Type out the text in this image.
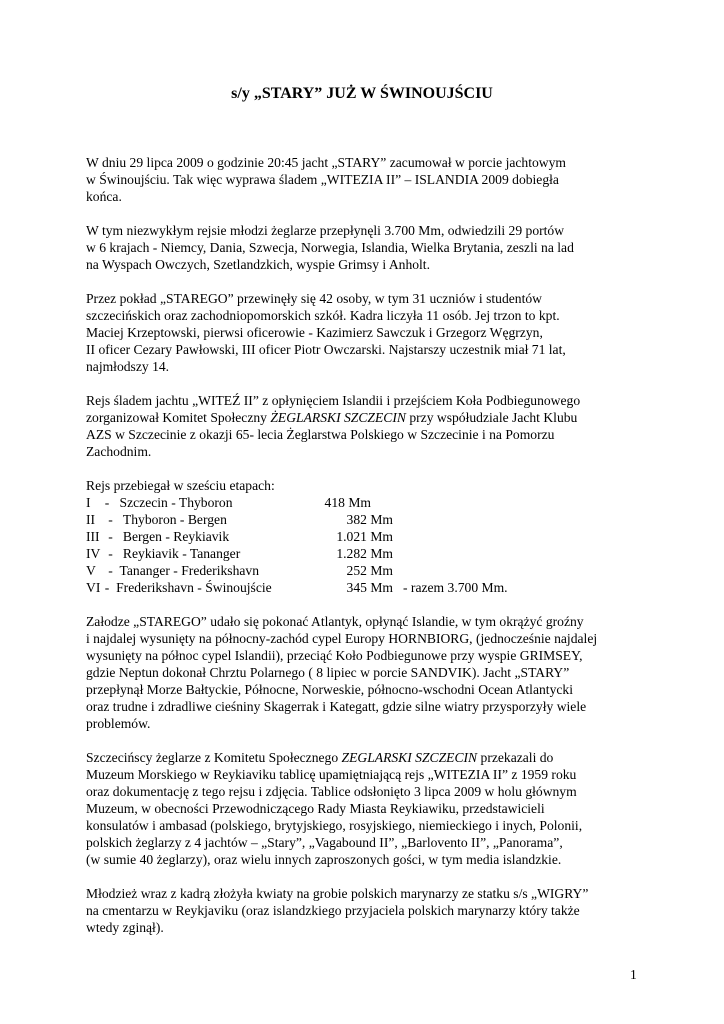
s/y „STARY” JUŻ W ŚWINOUJŚCIU
W dniu 29 lipca 2009 o godzinie 20:45 jacht „STARY” zacumował w porcie jachtowym
w Świnoujściu. Tak więc wyprawa śladem „WITEZIA II” – ISLANDIA 2009 dobiegła
końca.
W tym niezwykłym rejsie młodzi żeglarze przepłynęli 3.700 Mm, odwiedzili 29 portów
w 6 krajach - Niemcy, Dania, Szwecja, Norwegia, Islandia, Wielka Brytania, zeszli na lad
na Wyspach Owczych, Szetlandzkich, wyspie Grimsy i Anholt.
Przez pokład „STAREGO” przewinęły się 42 osoby, w tym 31 uczniów i studentów
szczecińskich oraz zachodniopomorskich szkół. Kadra liczyła 11 osób. Jej trzon to kpt.
Maciej Krzeptowski, pierwsi oficerowie - Kazimierz Sawczuk i Grzegorz Węgrzyn,
II oficer Cezary Pawłowski, III oficer Piotr Owczarski. Najstarszy uczestnik miał 71 lat,
najmłodszy 14.
Rejs śladem jachtu „WITEŹ II” z opłynięciem Islandii i przejściem Koła Podbiegunowego
zorganizował Komitet Społeczny ŻEGLARSKI SZCZECIN przy współudziale Jacht Klubu
AZS w Szczecinie z okazji 65- lecia Żeglarstwa Polskiego w Szczecinie i na Pomorzu
Zachodnim.
Rejs przebiegał w sześciu etapach:
I  -   Szczecin - Thyboron
II   -   Thyboron - Bergen
III   -   Bergen - Reykiavik
IV   -   Reykiavik - Tananger
V   -  Tananger - Frederikshavn
VI  -  Frederikshavn - Świnoujście
418 Mm
382 Mm
1.021 Mm
1.282 Mm
252 Mm
345 Mm - razem 3.700 Mm.
Załodze „STAREGO” udało się pokonać Atlantyk, opłynąć Islandie, w tym okrążyć groźny
i najdalej wysunięty na północny-zachód cypel Europy HORNBIORG, (jednocześnie najdalej
wysunięty na północ cypel Islandii), przeciąć Koło Podbiegunowe przy wyspie GRIMSEY,
gdzie Neptun dokonał Chrztu Polarnego ( 8 lipiec w porcie SANDVIK). Jacht „STARY”
przepłynął Morze Bałtyckie, Północne, Norweskie, północno-wschodni Ocean Atlantycki
oraz trudne i zdradliwe cieśniny Skagerrak i Kategatt, gdzie silne wiatry przysporzyły wiele
problemów.
Szczecińscy żeglarze z Komitetu Społecznego ZEGLARSKI SZCZECIN przekazali do
Muzeum Morskiego w Reykiaviku tablicę upamiętniającą rejs „WITEZIA II” z 1959 roku
oraz dokumentację z tego rejsu i zdjęcia. Tablice odsłonięto 3 lipca 2009 w holu głównym
Muzeum, w obecności Przewodniczącego Rady Miasta Reykiawiku, przedstawicieli
konsulatów i ambasad (polskiego, brytyjskiego, rosyjskiego, niemieckiego i inych, Polonii,
polskich żeglarzy z 4 jachtów – „Stary”, „Vagabound II”, „Barlovento II”, „Panorama”,
(w sumie 40 żeglarzy), oraz wielu innych zaproszonych gości, w tym media islandzkie.
Młodzież wraz z kadrą złożyła kwiaty na grobie polskich marynarzy ze statku s/s „WIGRY”
na cmentarzu w Reykjaviku (oraz islandzkiego przyjaciela polskich marynarzy który także
wtedy zginął).
1
